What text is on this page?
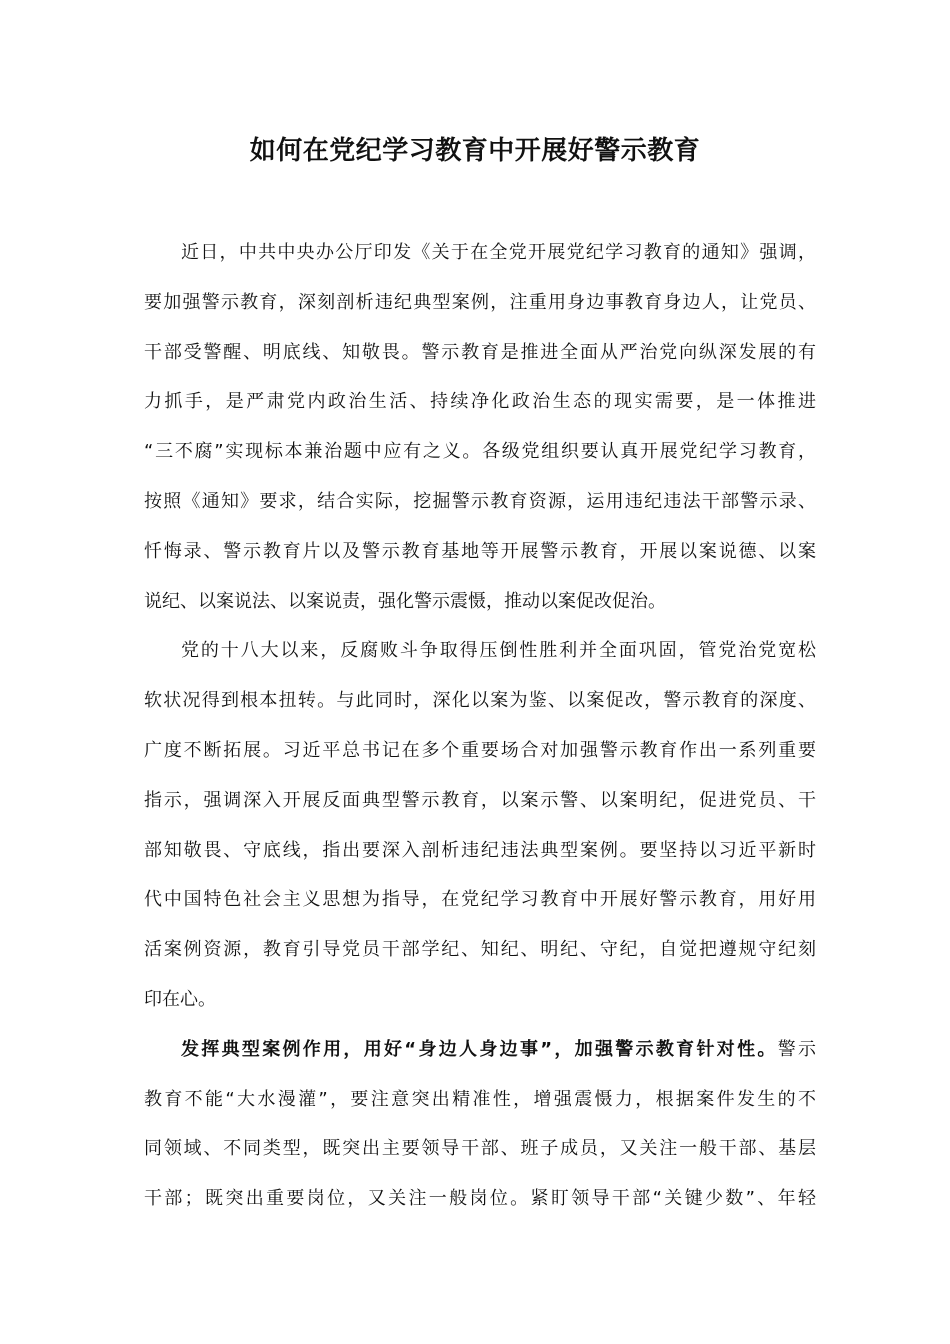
如何在党纪学习教育中开展好警示教育
近日，中共中央办公厅印发《关于在全党开展党纪学习教育的通知》强调，
要加强警示教育，深刻剖析违纪典型案例，注重用身边事教育身边人，让党员、
干部受警醒、明底线、知敬畏。警示教育是推进全面从严治党向纵深发展的有
力抓手，是严肃党内政治生活、持续净化政治生态的现实需要，是一体推进
“三不腐”实现标本兼治题中应有之义。各级党组织要认真开展党纪学习教育，
按照《通知》要求，结合实际，挖掘警示教育资源，运用违纪违法干部警示录、
忏悔录、警示教育片以及警示教育基地等开展警示教育，开展以案说德、以案
说纪、以案说法、以案说责，强化警示震慑，推动以案促改促治。
党的十八大以来，反腐败斗争取得压倒性胜利并全面巩固，管党治党宽松
软状况得到根本扭转。与此同时，深化以案为鉴、以案促改，警示教育的深度、
广度不断拓展。习近平总书记在多个重要场合对加强警示教育作出一系列重要
指示，强调深入开展反面典型警示教育，以案示警、以案明纪，促进党员、干
部知敬畏、守底线，指出要深入剖析违纪违法典型案例。要坚持以习近平新时
代中国特色社会主义思想为指导，在党纪学习教育中开展好警示教育，用好用
活案例资源，教育引导党员干部学纪、知纪、明纪、守纪，自觉把遵规守纪刻
印在心。
发挥典型案例作用，用好“身边人身边事”，加强警示教育针对性。警示
教育不能“大水漫灌”，要注意突出精准性，增强震慑力，根据案件发生的不
同领域、不同类型，既突出主要领导干部、班子成员，又关注一般干部、基层
干部；既突出重要岗位，又关注一般岗位。紧盯领导干部“关键少数”、年轻
